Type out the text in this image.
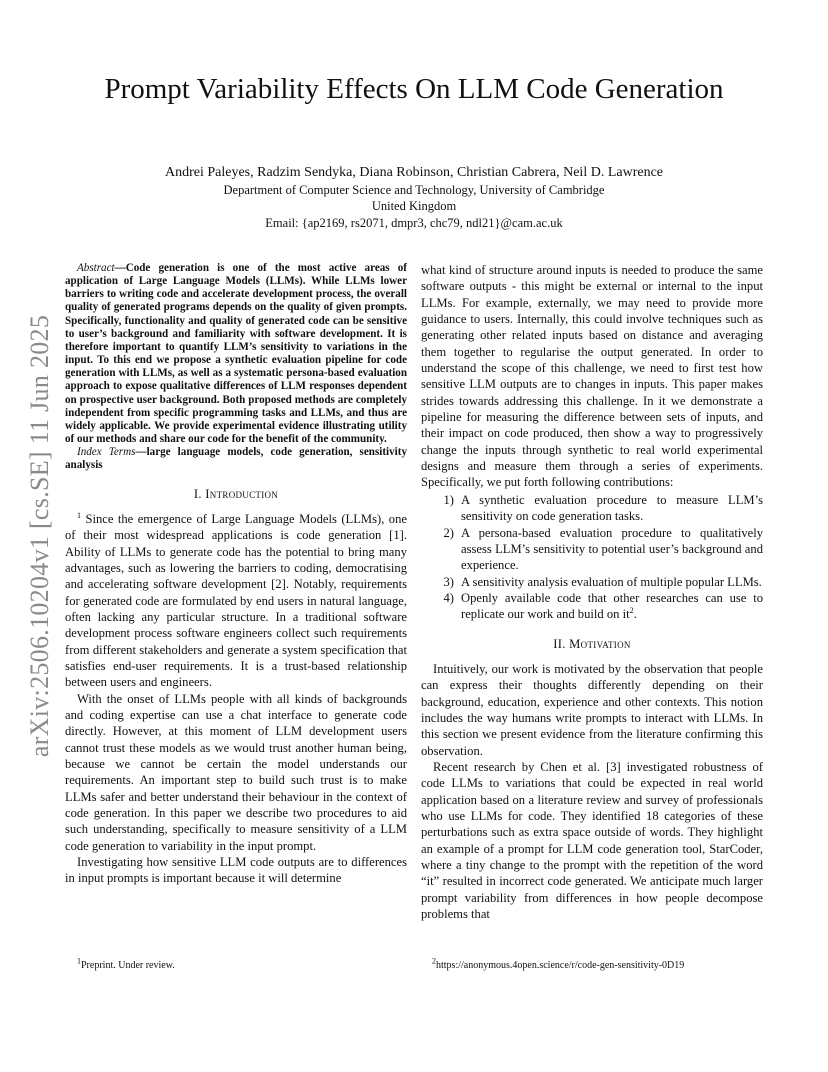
arXiv:2506.10204v1 [cs.SE] 11 Jun 2025
Prompt Variability Effects On LLM Code Generation
Andrei Paleyes, Radzim Sendyka, Diana Robinson, Christian Cabrera, Neil D. Lawrence
Department of Computer Science and Technology, University of Cambridge
United Kingdom
Email: {ap2169, rs2071, dmpr3, chc79, ndl21}@cam.ac.uk

Abstract—Code generation is one of the most active areas of application of Large Language Models (LLMs). While LLMs lower barriers to writing code and accelerate development process, the overall quality of generated programs depends on the quality of given prompts. Specifically, functionality and quality of generated code can be sensitive to user’s background and familiarity with software development. It is therefore important to quantify LLM’s sensitivity to variations in the input. To this end we propose a synthetic evaluation pipeline for code generation with LLMs, as well as a systematic persona-based evaluation approach to expose qualitative differences of LLM responses dependent on prospective user background. Both proposed methods are completely independent from specific programming tasks and LLMs, and thus are widely applicable. We provide experimental evidence illustrating utility of our methods and share our code for the benefit of the community.

Index Terms—large language models, code generation, sensitivity analysis

I. Introduction

$^1$ Since the emergence of Large Language Models (LLMs), one of their most widespread applications is code generation [1]. Ability of LLMs to generate code has the potential to bring many advantages, such as lowering the barriers to coding, democratising and accelerating software development [2]. Notably, requirements for generated code are formulated by end users in natural language, often lacking any particular structure. In a traditional software development process software engineers collect such requirements from different stakeholders and generate a system specification that satisfies end-user requirements. It is a trust-based relationship between users and engineers.

With the onset of LLMs people with all kinds of backgrounds and coding expertise can use a chat interface to generate code directly. However, at this moment of LLM development users cannot trust these models as we would trust another human being, because we cannot be certain the model understands our requirements. An important step to build such trust is to make LLMs safer and better understand their behaviour in the context of code generation. In this paper we describe two procedures to aid such understanding, specifically to measure sensitivity of a LLM code generation to variability in the input prompt.

Investigating how sensitive LLM code outputs are to differences in input prompts is important because it will determine

what kind of structure around inputs is needed to produce the same software outputs - this might be external or internal to the input LLMs. For example, externally, we may need to provide more guidance to users. Internally, this could involve techniques such as generating other related inputs based on distance and averaging them together to regularise the output generated. In order to understand the scope of this challenge, we need to first test how sensitive LLM outputs are to changes in inputs. This paper makes strides towards addressing this challenge. In it we demonstrate a pipeline for measuring the difference between sets of inputs, and their impact on code produced, then show a way to progressively change the inputs through synthetic to real world experimental designs and measure them through a series of experiments. Specifically, we put forth following contributions:

1) A synthetic evaluation procedure to measure LLM’s sensitivity on code generation tasks.
2) A persona-based evaluation procedure to qualitatively assess LLM’s sensitivity to potential user’s background and experience.
3) A sensitivity analysis evaluation of multiple popular LLMs.
4) Openly available code that other researches can use to replicate our work and build on $it^2$.
II. Motivation

Intuitively, our work is motivated by the observation that people can express their thoughts differently depending on their background, education, experience and other contexts. This notion includes the way humans write prompts to interact with LLMs. In this section we present evidence from the literature confirming this observation.

Recent research by Chen et al. [3] investigated robustness of code LLMs to variations that could be expected in real world application based on a literature review and survey of professionals who use LLMs for code. They identified 18 categories of these perturbations such as extra space outside of words. They highlight an example of a prompt for LLM code generation tool, StarCoder, where a tiny change to the prompt with the repetition of the word “it” resulted in incorrect code generated. We anticipate much larger prompt variability from differences in how people decompose problems that

$^1$Preprint. Under review.	$^2$https://anonymous.4open.science/r/code-gen-sensitivity-0D19
